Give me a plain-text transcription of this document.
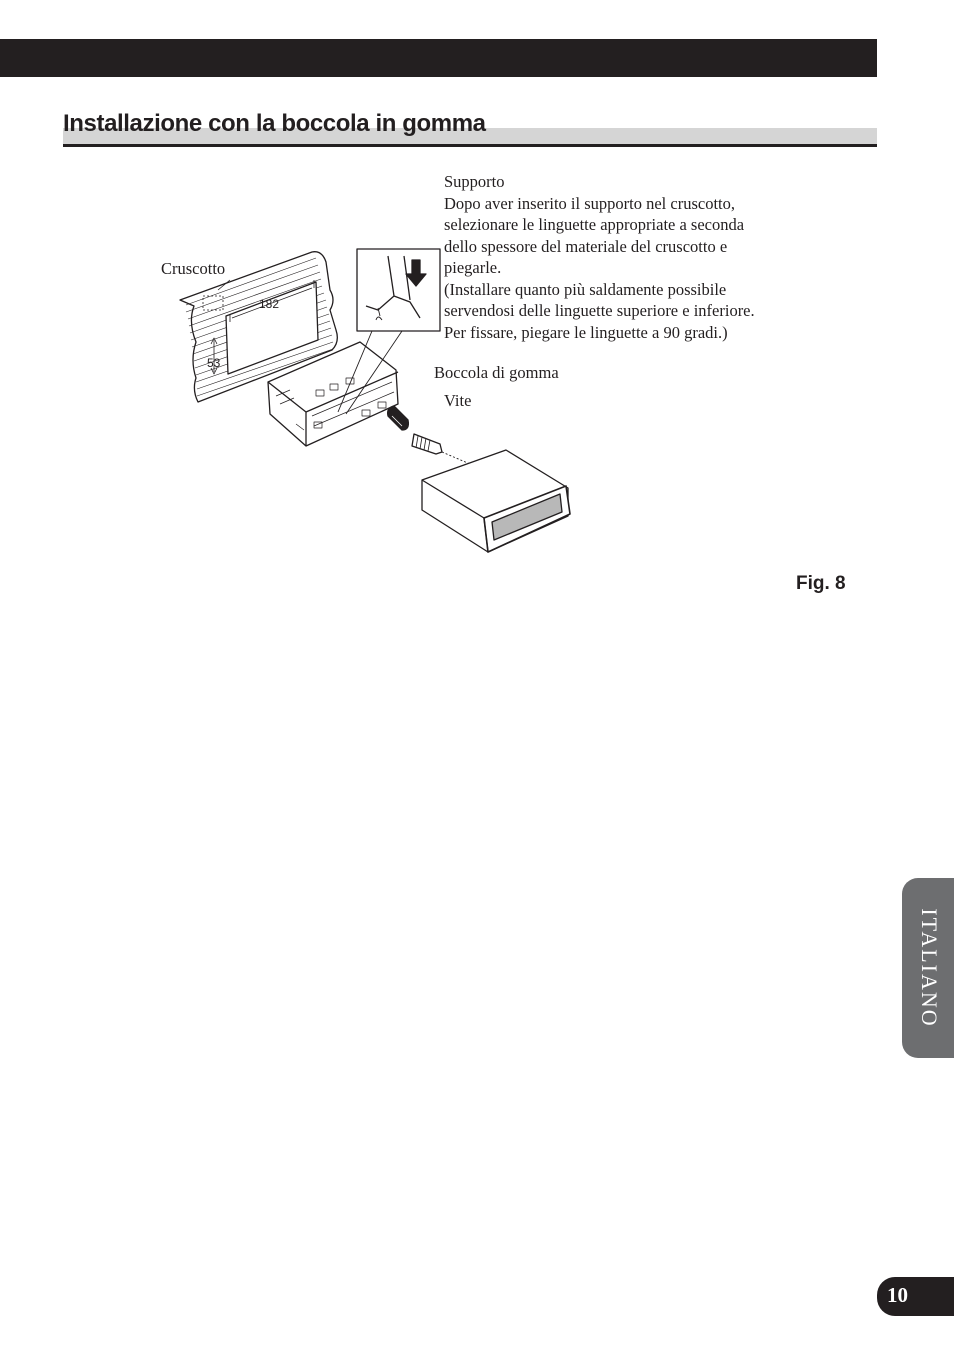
Installazione con la boccola in gomma
Supporto
Dopo aver inserito il supporto nel cruscotto,
selezionare le linguette appropriate a seconda
dello spessore del materiale del cruscotto e
piegarle.
(Installare quanto più saldamente possibile
servendosi delle linguette superiore e inferiore.
Per fissare, piegare le linguette a 90 gradi.)
Cruscotto
Boccola di gomma
Vite
182
53
Fig. 8
ITALIANO
10
